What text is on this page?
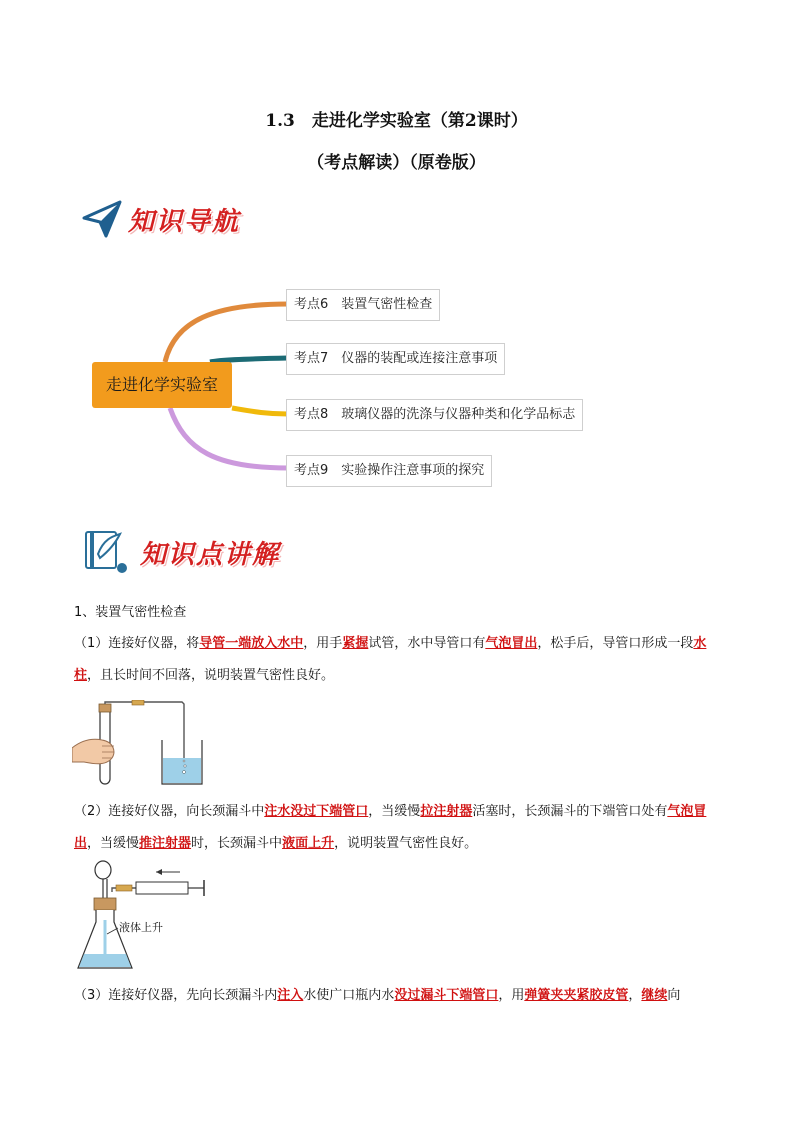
1.3　走进化学实验室（第2课时）
（考点解读）（原卷版）
知识导航
走进化学实验室
考点6　装置气密性检查
考点7　仪器的装配或连接注意事项
考点8　玻璃仪器的洗涤与仪器种类和化学品标志
考点9　实验操作注意事项的探究
知识点讲解
1、装置气密性检查
（1）连接好仪器，将导管一端放入水中，用手紧握试管，水中导管口有气泡冒出，松手后，导管口形成一段水柱，且长时间不回落，说明装置气密性良好。
（2）连接好仪器，向长颈漏斗中注水没过下端管口，当缓慢拉注射器活塞时，长颈漏斗的下端管口处有气泡冒出，当缓慢推注射器时，长颈漏斗中液面上升，说明装置气密性良好。
液体上升
（3）连接好仪器，先向长颈漏斗内注入水使广口瓶内水没过漏斗下端管口，用弹簧夹夹紧胶皮管，继续向
